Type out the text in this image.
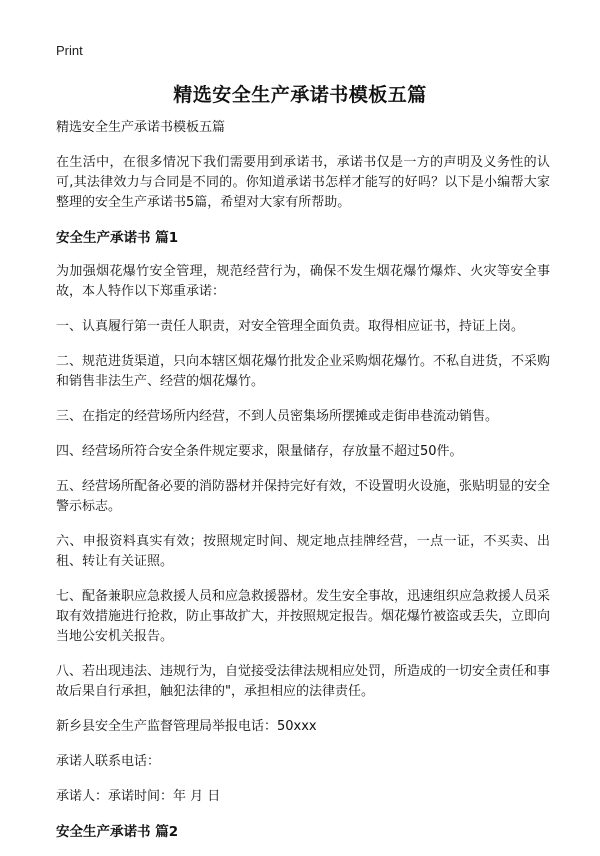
Print
精选安全生产承诺书模板五篇

精选安全生产承诺书模板五篇

在生活中，在很多情况下我们需要用到承诺书，承诺书仅是一方的声明及义务性的认可,其法律效力与合同是不同的。你知道承诺书怎样才能写的好吗？以下是小编帮大家整理的安全生产承诺书5篇，希望对大家有所帮助。

安全生产承诺书 篇1

为加强烟花爆竹安全管理，规范经营行为，确保不发生烟花爆竹爆炸、火灾等安全事故，本人特作以下郑重承诺：

一、认真履行第一责任人职责，对安全管理全面负责。取得相应证书，持证上岗。

二、规范进货渠道，只向本辖区烟花爆竹批发企业采购烟花爆竹。不私自进货，不采购和销售非法生产、经营的烟花爆竹。

三、在指定的经营场所内经营，不到人员密集场所摆摊或走街串巷流动销售。

四、经营场所符合安全条件规定要求，限量储存，存放量不超过50件。

五、经营场所配备必要的消防器材并保持完好有效，不设置明火设施，张贴明显的安全警示标志。

六、申报资料真实有效；按照规定时间、规定地点挂牌经营，一点一证，不买卖、出租、转让有关证照。

七、配备兼职应急救援人员和应急救援器材。发生安全事故，迅速组织应急救援人员采取有效措施进行抢救，防止事故扩大，并按照规定报告。烟花爆竹被盗或丢失，立即向当地公安机关报告。

八、若出现违法、违规行为，自觉接受法律法规相应处罚，所造成的一切安全责任和事故后果自行承担，触犯法律的"，承担相应的法律责任。

新乡县安全生产监督管理局举报电话：50xxx

承诺人联系电话：

承诺人：承诺时间：年 月 日

安全生产承诺书 篇2
